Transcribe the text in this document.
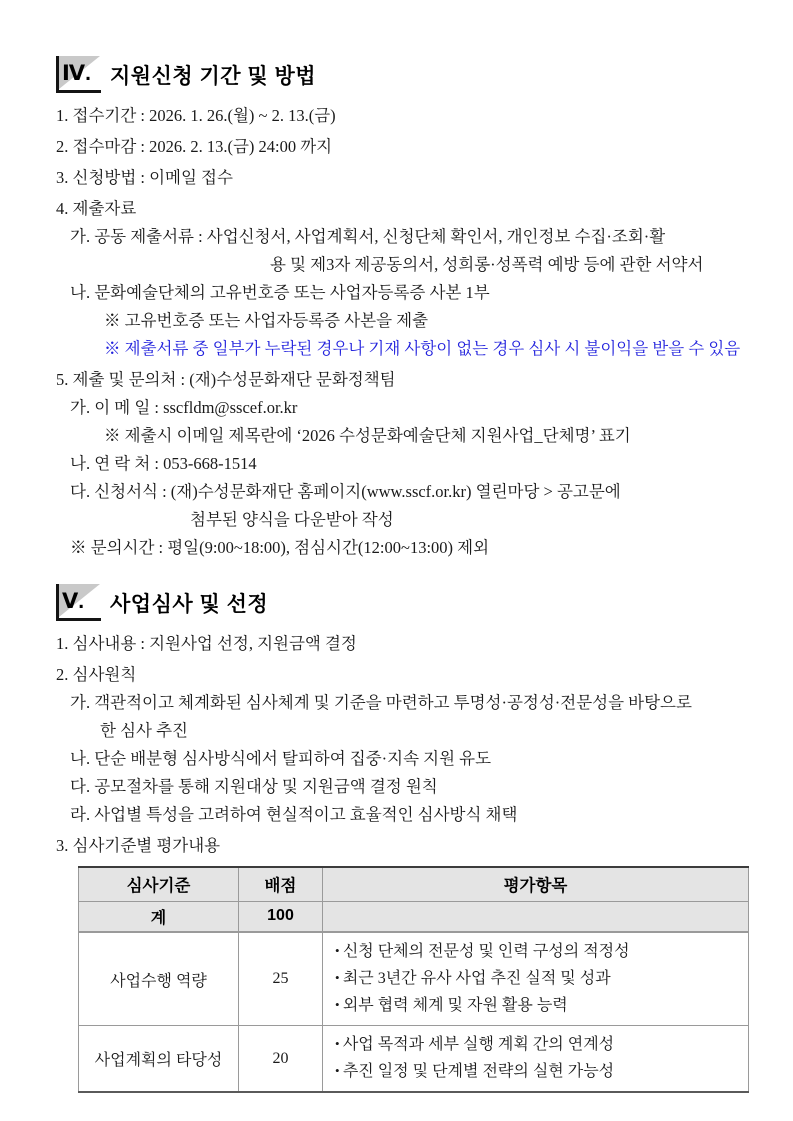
Ⅳ. 지원신청 기간 및 방법
1. 접수기간 : 2026. 1. 26.(월) ~ 2. 13.(금)
2. 접수마감 : 2026. 2. 13.(금) 24:00 까지
3. 신청방법 : 이메일 접수
4. 제출자료
가. 공동 제출서류 : 사업신청서, 사업계획서, 신청단체 확인서, 개인정보 수집·조회·활
용 및 제3자 제공동의서, 성희롱·성폭력 예방 등에 관한 서약서
나. 문화예술단체의 고유번호증 또는 사업자등록증 사본 1부
※ 고유번호증 또는 사업자등록증 사본을 제출
※ 제출서류 중 일부가 누락된 경우나 기재 사항이 없는 경우 심사 시 불이익을 받을 수 있음
5. 제출 및 문의처 : (재)수성문화재단 문화정책팀
가. 이 메 일 : sscfldm@sscef.or.kr
※ 제출시 이메일 제목란에 ‘2026 수성문화예술단체 지원사업_단체명’ 표기
나. 연 락 처 : 053-668-1514
다. 신청서식 : (재)수성문화재단 홈페이지(www.sscf.or.kr) 열린마당 > 공고문에
첨부된 양식을 다운받아 작성
※ 문의시간 : 평일(9:00~18:00), 점심시간(12:00~13:00) 제외
Ⅴ.	사업심사 및 선정
1. 심사내용 : 지원사업 선정, 지원금액 결정
2. 심사원칙
가. 객관적이고 체계화된 심사체계 및 기준을 마련하고 투명성·공정성·전문성을 바탕으로
한 심사 추진
나. 단순 배분형 심사방식에서 탈피하여 집중·지속 지원 유도
다. 공모절차를 통해 지원대상 및 지원금액 결정 원칙
라. 사업별 특성을 고려하여 현실적이고 효율적인 심사방식 채택
3. 심사기준별 평가내용
심사기준	배점	평가항목
계	100	
사업수행 역량	25	• 신청 단체의 전문성 및 인력 구성의 적정성
• 최근 3년간 유사 사업 추진 실적 및 성과
• 외부 협력 체계 및 자원 활용 능력

사업계획의 타당성	20	• 사업 목적과 세부 실행 계획 간의 연계성
• 추진 일정 및 단계별 전략의 실현 가능성
